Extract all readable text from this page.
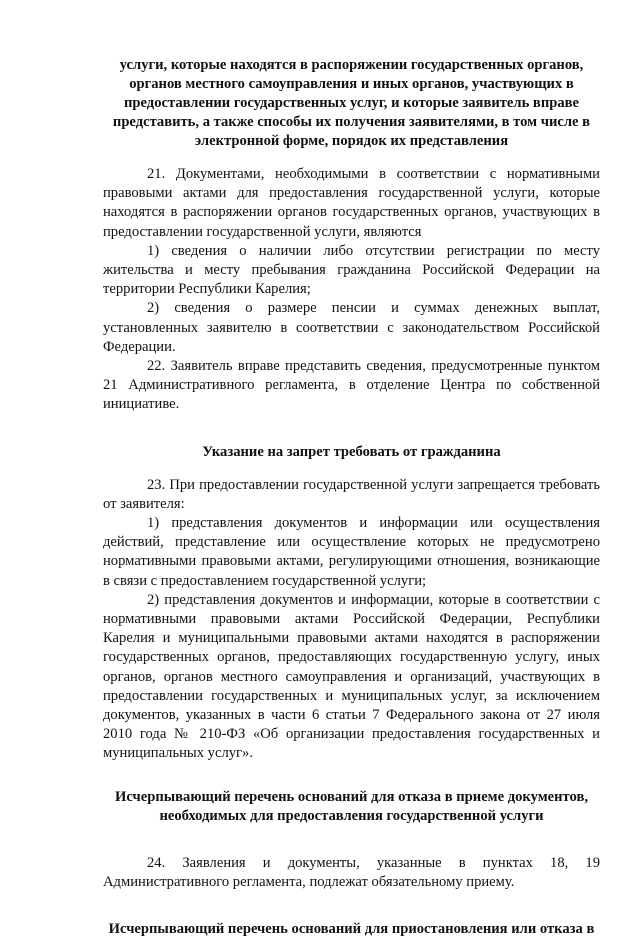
услуги, которые находятся в распоряжении государственных органов, органов местного самоуправления и иных органов, участвующих в предоставлении государственных услуг, и которые заявитель вправе представить, а также способы их получения заявителями, в том числе в электронной форме, порядок их представления

21. Документами, необходимыми в соответствии с нормативными правовыми актами для предоставления государственной услуги, которые находятся в распоряжении органов государственных органов, участвующих в предоставлении государственной услуги, являются

1) сведения о наличии либо отсутствии регистрации по месту жительства и месту пребывания гражданина Российской Федерации на территории Республики Карелия;

2) сведения о размере пенсии и суммах денежных выплат, установленных заявителю в соответствии с законодательством Российской Федерации.

22. Заявитель вправе представить сведения, предусмотренные пунктом 21 Административного регламента, в отделение Центра по собственной инициативе.

Указание на запрет требовать от гражданина

23. При предоставлении государственной услуги запрещается требовать от заявителя:

1) представления документов и информации или осуществления действий, представление или осуществление которых не предусмотрено нормативными правовыми актами, регулирующими отношения, возникающие в связи с предоставлением государственной услуги;

2) представления документов и информации, которые в соответствии с нормативными правовыми актами Российской Федерации, Республики Карелия и муниципальными правовыми актами находятся в распоряжении государственных органов, предоставляющих государственную услугу, иных органов, органов местного самоуправления и организаций, участвующих в предоставлении государственных и муниципальных услуг, за исключением документов, указанных в части 6 статьи 7 Федерального закона от 27 июля 2010 года № 210-ФЗ «Об организации предоставления государственных и муниципальных услуг».

Исчерпывающий перечень оснований для отказа в приеме документов, необходимых для предоставления государственной услуги

24. Заявления и документы, указанные в пунктах 18, 19 Административного регламента, подлежат обязательному приему.

Исчерпывающий перечень оснований для приостановления или отказа в
